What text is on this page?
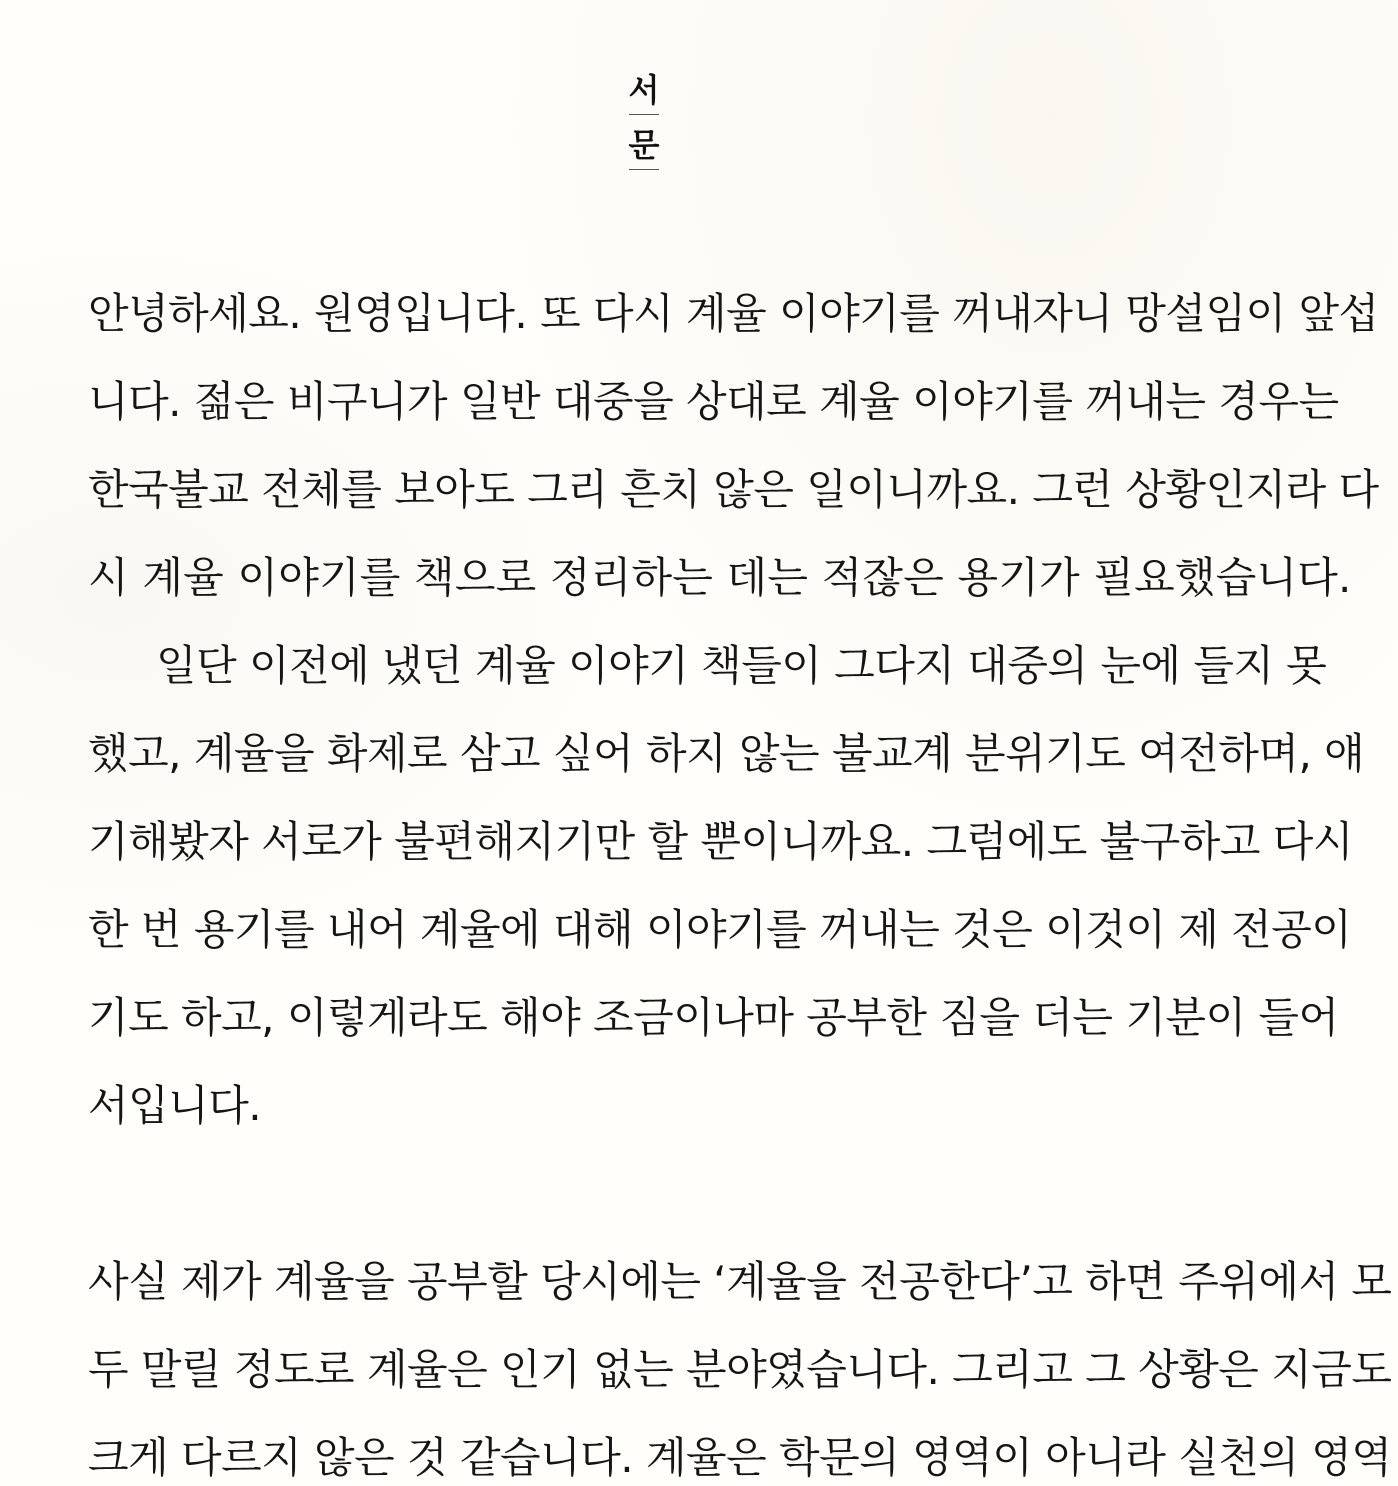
서
문
안녕하세요. 원영입니다. 또 다시 계율 이야기를 꺼내자니 망설임이 앞섭
니다. 젊은 비구니가 일반 대중을 상대로 계율 이야기를 꺼내는 경우는
한국불교 전체를 보아도 그리 흔치 않은 일이니까요. 그런 상황인지라 다
시 계율 이야기를 책으로 정리하는 데는 적잖은 용기가 필요했습니다.
일단 이전에 냈던 계율 이야기 책들이 그다지 대중의 눈에 들지 못
했고, 계율을 화제로 삼고 싶어 하지 않는 불교계 분위기도 여전하며, 얘
기해봤자 서로가 불편해지기만 할 뿐이니까요. 그럼에도 불구하고 다시
한 번 용기를 내어 계율에 대해 이야기를 꺼내는 것은 이것이 제 전공이
기도 하고, 이렇게라도 해야 조금이나마 공부한 짐을 더는 기분이 들어
서입니다.
사실 제가 계율을 공부할 당시에는 ‘계율을 전공한다’고 하면 주위에서 모
두 말릴 정도로 계율은 인기 없는 분야였습니다. 그리고 그 상황은 지금도
크게 다르지 않은 것 같습니다. 계율은 학문의 영역이 아니라 실천의 영역
